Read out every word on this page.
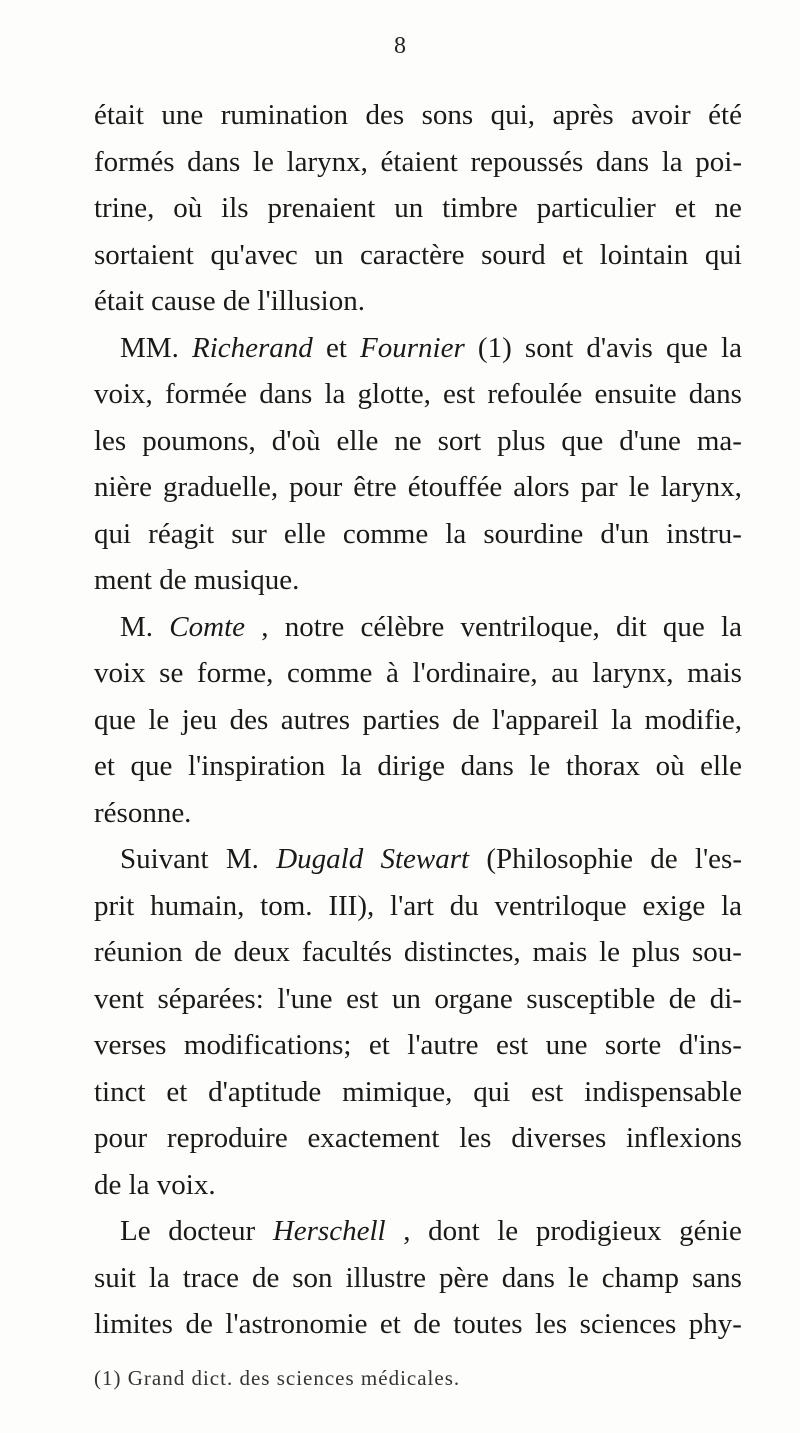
8
était une rumination des sons qui, après avoir été
formés dans le larynx, étaient repoussés dans la poi-
trine, où ils prenaient un timbre particulier et ne
sortaient qu'avec un caractère sourd et lointain qui
était cause de l'illusion.
MM. Richerand et Fournier (1) sont d'avis que la
voix, formée dans la glotte, est refoulée ensuite dans
les poumons, d'où elle ne sort plus que d'une ma-
nière graduelle, pour être étouffée alors par le larynx,
qui réagit sur elle comme la sourdine d'un instru-
ment de musique.
M. Comte , notre célèbre ventriloque, dit que la
voix se forme, comme à l'ordinaire, au larynx, mais
que le jeu des autres parties de l'appareil la modifie,
et que l'inspiration la dirige dans le thorax où elle
résonne.
Suivant M. Dugald Stewart (Philosophie de l'es-
prit humain, tom. III), l'art du ventriloque exige la
réunion de deux facultés distinctes, mais le plus sou-
vent séparées: l'une est un organe susceptible de di-
verses modifications; et l'autre est une sorte d'ins-
tinct et d'aptitude mimique, qui est indispensable
pour reproduire exactement les diverses inflexions
de la voix.
Le docteur Herschell , dont le prodigieux génie
suit la trace de son illustre père dans le champ sans
limites de l'astronomie et de toutes les sciences phy-
(1) Grand dict. des sciences médicales.
